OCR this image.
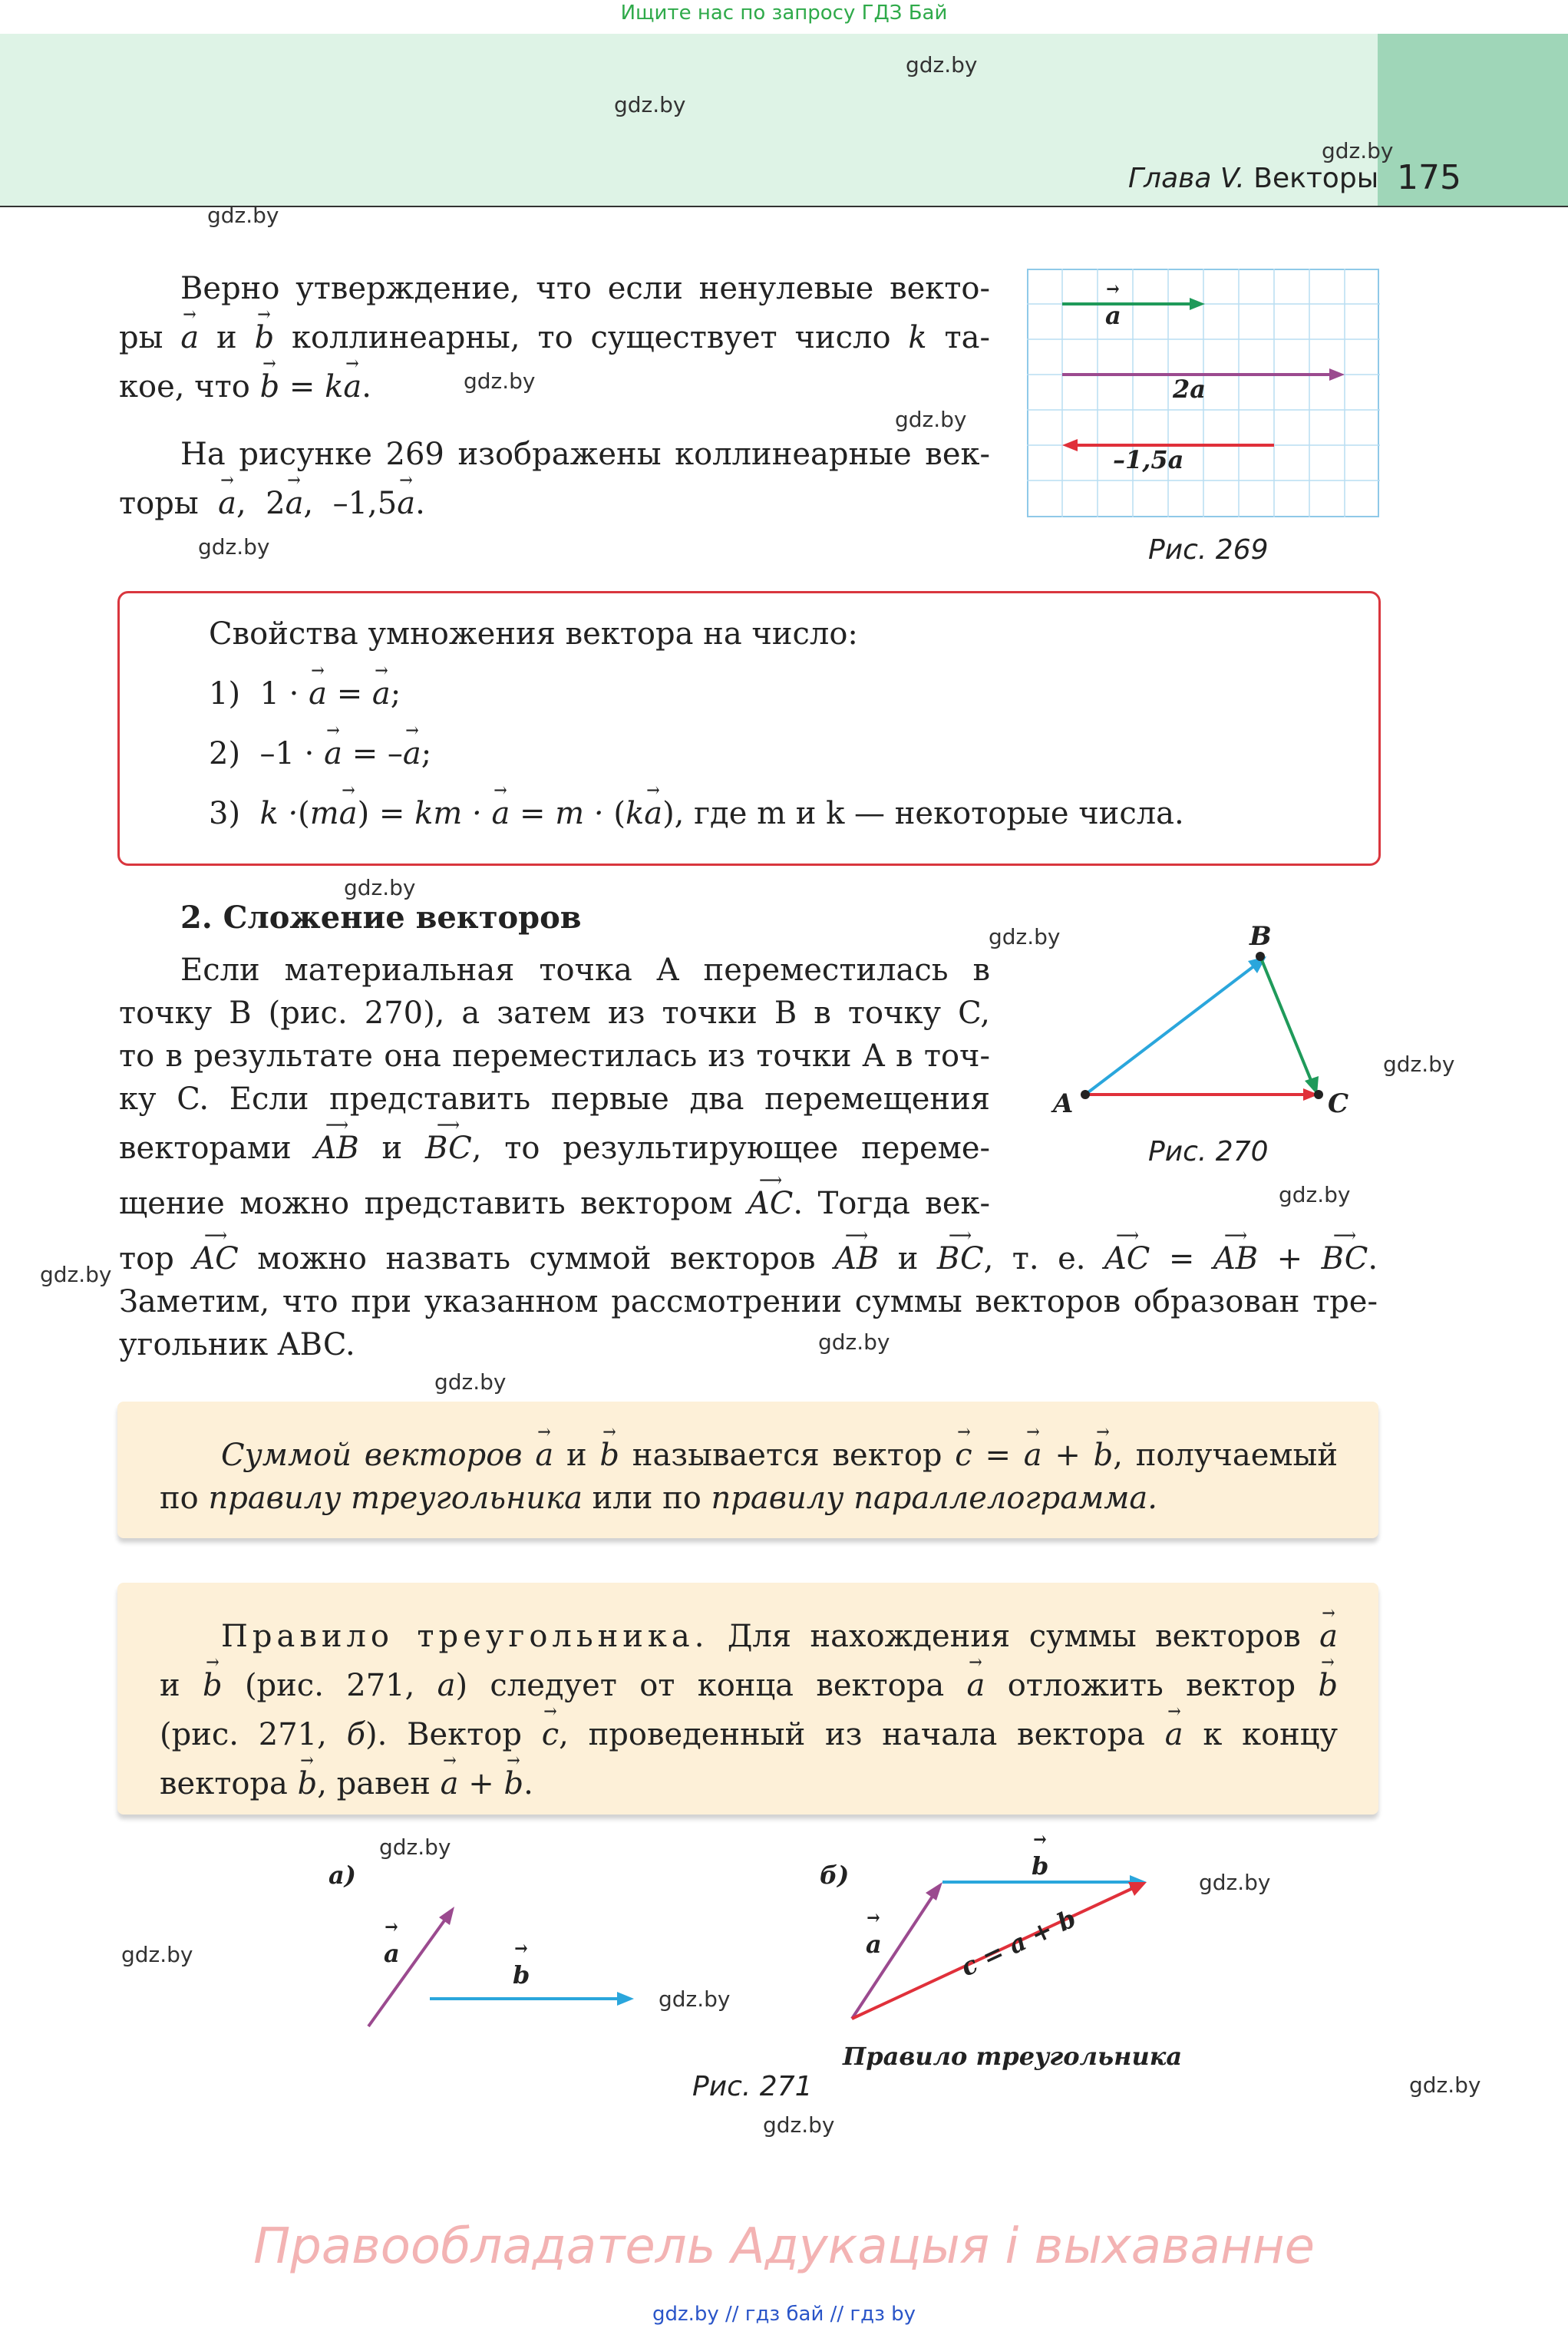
Ищите нас по запросу ГДЗ Бай
Глава V. Векторы 175
gdz.by
gdz.by
gdz.by
gdz.by
gdz.by
gdz.by
gdz.by
gdz.by
gdz.by
gdz.by
gdz.by
gdz.by
gdz.by
gdz.by
gdz.by
gdz.by
gdz.by
gdz.by
gdz.by
gdz.by
Верно утверждение, что если ненулевые векто-
ры → a и → b коллинеарны, то существует число k та-
кое, что → b = k→ a.
На рисунке 269 изображены коллинеарные век-
торы → a, 2→ a, –1,5→ a.
→ a
2a
–1,5a
Рис. 269
Свойства умножения вектора на число:
1) 1 · → a = → a;
2) –1 · → a = –→ a;
3) k ·(m→ a) = km · → a = m · (k→ a), где m и k — некоторые числа.
2. Сложение векторов
Если материальная точка A переместилась в
точку B (рис. 270), а затем из точки B в точку C,
то в результате она переместилась из точки A в точ-
ку C. Если представить первые два перемещения
векторами ⟶ AB и ⟶ BC, то результирующее переме-
щение можно представить вектором ⟶ AC. Тогда век-
тор ⟶ AC можно назвать суммой векторов ⟶ AB и ⟶ BC, т. е. ⟶ AC = ⟶ AB + ⟶ BC.
Заметим, что при указанном рассмотрении суммы векторов образован тре-
угольник ABC.
A
B
C
Рис. 270
Суммой векторов → a и → b называется вектор → c = → a + → b, получаемый
по правилу треугольника или по правилу параллелограмма.
Правило треугольника. Для нахождения суммы векторов → a
и → b (рис. 271, а) следует от конца вектора → a отложить вектор → b
(рис. 271, б). Вектор → c, проведенный из начала вектора → a к концу
вектора → b, равен → a + → b.
а)	б)
→ a
→ b
→ a
→ b
c = a + b
Правило треугольника
Рис. 271
Правообладатель Адукацыя і выхаванне
gdz.by // гдз бай // гдз by
